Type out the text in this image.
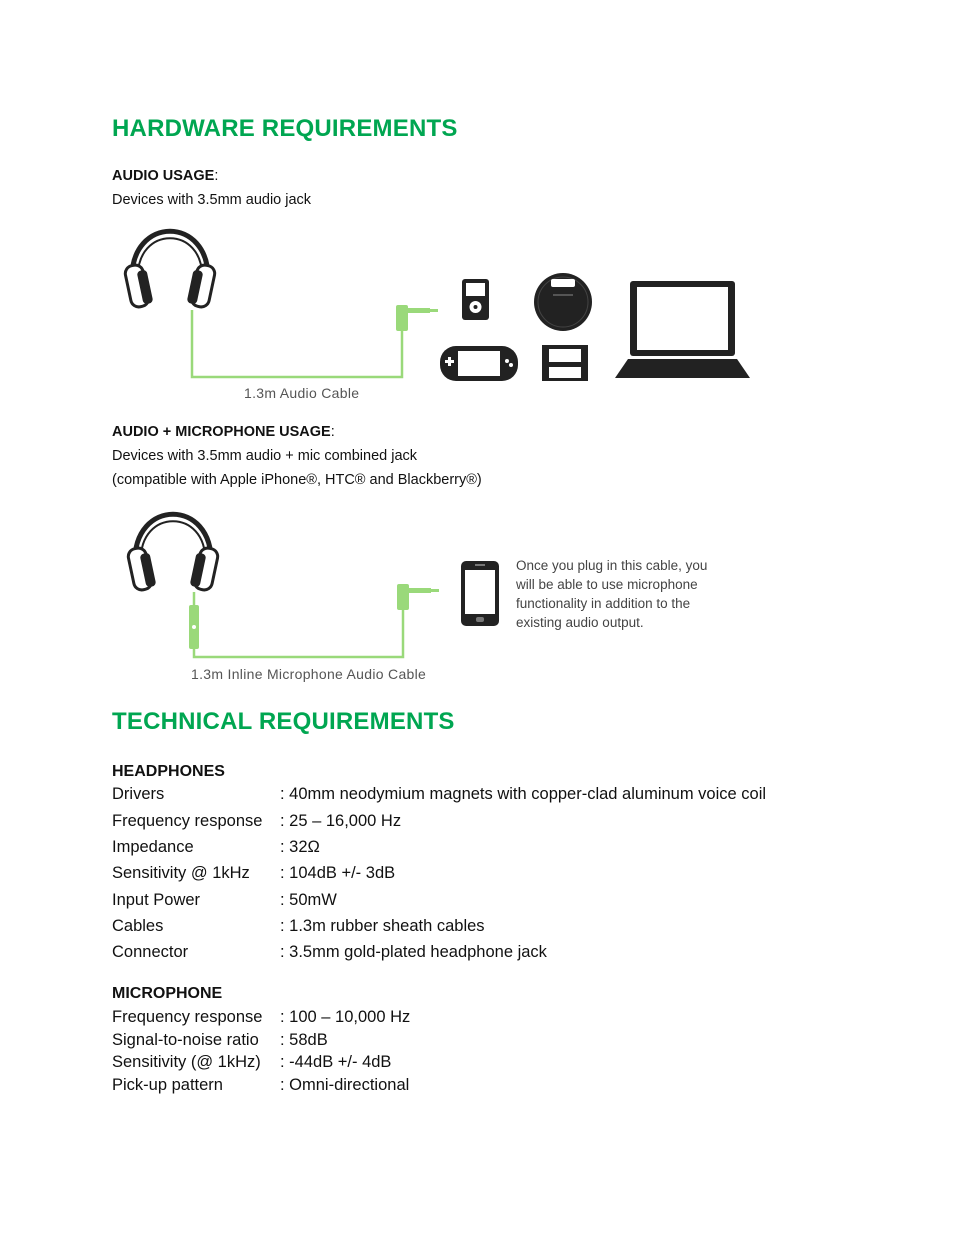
HARDWARE REQUIREMENTS
AUDIO USAGE:
Devices with 3.5mm audio jack
1.3m Audio Cable
AUDIO + MICROPHONE USAGE:
Devices with 3.5mm audio + mic combined jack
(compatible with Apple iPhone®, HTC® and Blackberry®)
Once you plug in this cable, you
will be able to use microphone
functionality in addition to the
existing audio output.
1.3m Inline Microphone Audio Cable
TECHNICAL REQUIREMENTS
HEADPHONES
Drivers	: 40mm neodymium magnets with copper-clad aluminum voice coil
Frequency response : 25 – 16,000 Hz
Impedance	: 32Ω
Sensitivity @ 1kHz : 104dB +/- 3dB
Input Power	: 50mW
Cables	: 1.3m rubber sheath cables
Connector	: 3.5mm gold-plated headphone jack
MICROPHONE
Frequency response : 100 – 10,000 Hz
Signal-to-noise ratio : 58dB
Sensitivity (@ 1kHz) : -44dB +/- 4dB
Pick-up pattern	: Omni-directional
